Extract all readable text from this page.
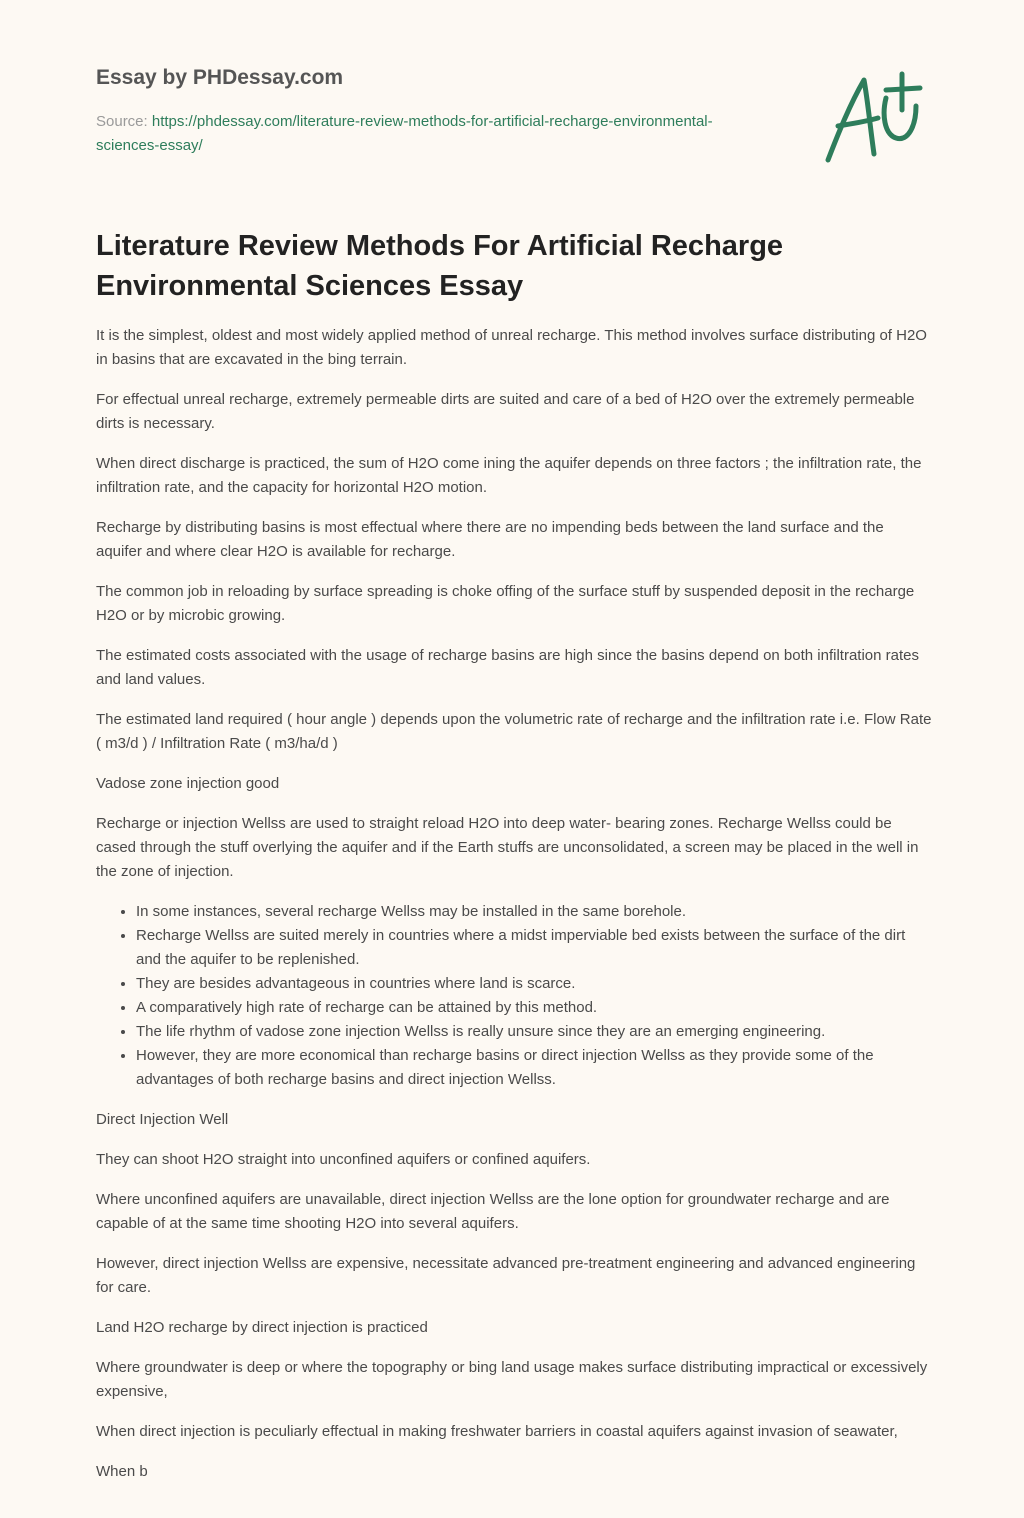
Essay by PHDessay.com
Source: https://phdessay.com/literature-review-methods-for-artificial-recharge-environmental-sciences-essay/
Literature Review Methods For Artificial Recharge Environmental Sciences Essay

It is the simplest, oldest and most widely applied method of unreal recharge. This method involves surface distributing of H2O in basins that are excavated in the bing terrain.

For effectual unreal recharge, extremely permeable dirts are suited and care of a bed of H2O over the extremely permeable dirts is necessary.

When direct discharge is practiced, the sum of H2O come ining the aquifer depends on three factors ; the infiltration rate, the infiltration rate, and the capacity for horizontal H2O motion.

Recharge by distributing basins is most effectual where there are no impending beds between the land surface and the aquifer and where clear H2O is available for recharge.

The common job in reloading by surface spreading is choke offing of the surface stuff by suspended deposit in the recharge H2O or by microbic growing.

The estimated costs associated with the usage of recharge basins are high since the basins depend on both infiltration rates and land values.

The estimated land required ( hour angle ) depends upon the volumetric rate of recharge and the infiltration rate i.e. Flow Rate ( m3/d ) / Infiltration Rate ( m3/ha/d )

Vadose zone injection good

Recharge or injection Wellss are used to straight reload H2O into deep water- bearing zones. Recharge Wellss could be cased through the stuff overlying the aquifer and if the Earth stuffs are unconsolidated, a screen may be placed in the well in the zone of injection.

• In some instances, several recharge Wellss may be installed in the same borehole.
• Recharge Wellss are suited merely in countries where a midst imperviable bed exists between the surface of the dirt and the aquifer to be replenished.
• They are besides advantageous in countries where land is scarce.
• A comparatively high rate of recharge can be attained by this method.
• The life rhythm of vadose zone injection Wellss is really unsure since they are an emerging engineering.
• However, they are more economical than recharge basins or direct injection Wellss as they provide some of the advantages of both recharge basins and direct injection Wellss.

Direct Injection Well

They can shoot H2O straight into unconfined aquifers or confined aquifers.

Where unconfined aquifers are unavailable, direct injection Wellss are the lone option for groundwater recharge and are capable of at the same time shooting H2O into several aquifers.

However, direct injection Wellss are expensive, necessitate advanced pre-treatment engineering and advanced engineering for care.

Land H2O recharge by direct injection is practiced

Where groundwater is deep or where the topography or bing land usage makes surface distributing impractical or excessively expensive,

When direct injection is peculiarly effectual in making freshwater barriers in coastal aquifers against invasion of seawater,

When b
